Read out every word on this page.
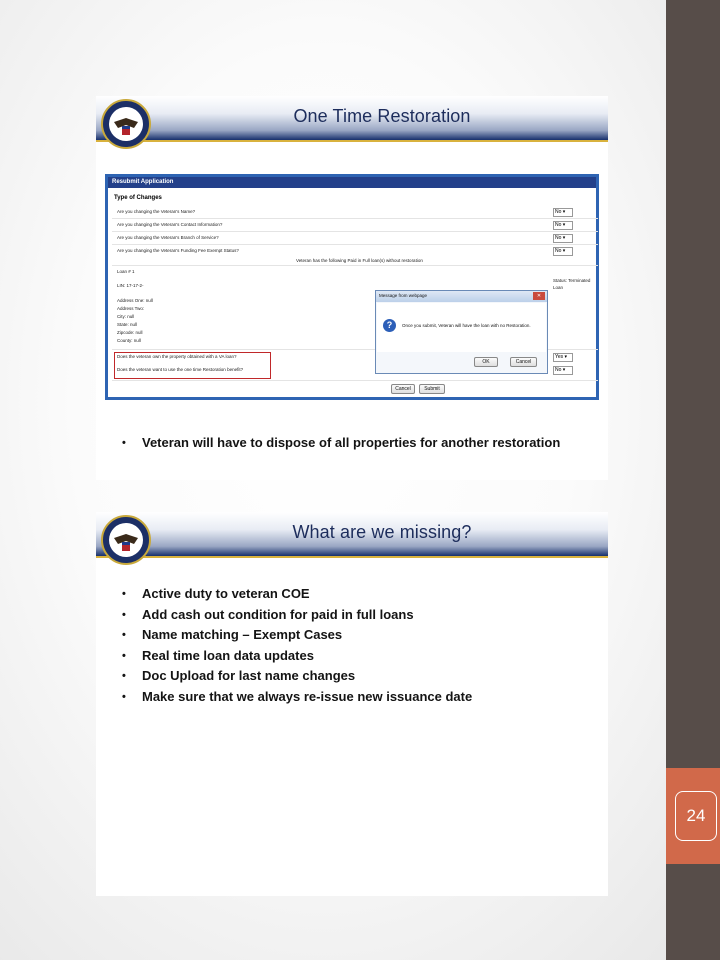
24
One Time Restoration
Resubmit Application
Type of Changes
Are you changing the Veteran's Name?	No ▾
Are you changing the Veteran's Contact Information?	No ▾
Are you changing the Veteran's Branch of Service?	No ▾
Are you changing the Veteran's Funding Fee Exempt Status?	No ▾
Veteran has the following Paid in Full loan(s) without restoration
Loan # 1
LIN: 17-17-2-
Address One: null
Address Two:
City: null
State: null
Zipcode: null
County: null
Status: Terminated Loan
Does the veteran own the property obtained with a VA loan?	Yes ▾
Does the veteran want to use the one time Restoration benefit?	No ▾
Cancel	Submit
Message from webpage	✕
?	Once you submit, Veteran will have the loan with no Restoration.
OK	Cancel
• Veteran will have to dispose of all properties for another restoration
What are we missing?
• Active duty to veteran COE
• Add cash out condition for paid in full loans
• Name matching – Exempt Cases
• Real time loan data updates
• Doc Upload for last name changes
• Make sure that we always re-issue new issuance date
